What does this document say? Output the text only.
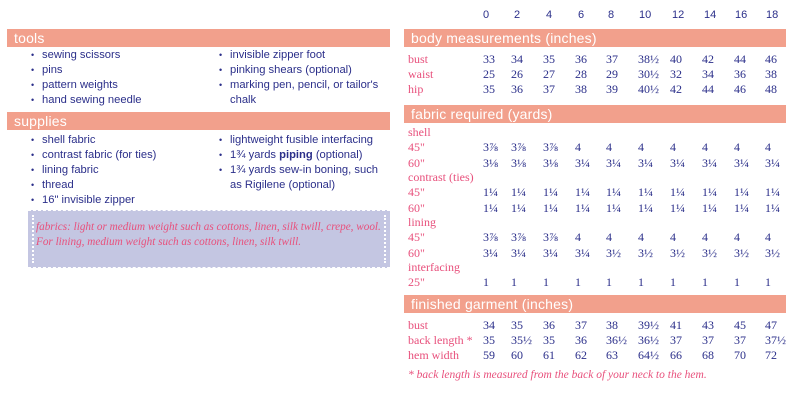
tools
• sewing scissors
• pins
• pattern weights
• hand sewing needle
• invisible zipper foot
• pinking shears (optional)
• marking pen, pencil, or tailor's chalk
supplies
• shell fabric
• contrast fabric (for ties)
• lining fabric
• thread
• 16" invisible zipper
• lightweight fusible interfacing
• 1¾ yards piping (optional)
• 1¾ yards sew-in boning, such as Rigilene (optional)
fabrics: light or medium weight such as cottons, linen, silk twill, crepe, wool. For lining, medium weight such as cottons, linen, silk twill.
0 2 4 6 8 10 12 14 16 18
body measurements (inches)
fabric required (yards)
finished garment (inches)
bust	33 34 35 36 37 38½ 40 42 44 46
waist	25 26 27 28 29 30½ 32 34 36 38
hip	35 36 37 38 39 40½ 42 44 46 48
shell
45"	3⅞ 3⅞ 3⅞ 4 4 4 4 4 4 4
60"	3⅛ 3⅛ 3⅛ 3¼ 3¼ 3¼ 3¼ 3¼ 3¼ 3¼
contrast (ties)
45"	1¼ 1¼ 1¼ 1¼ 1¼ 1¼ 1¼ 1¼ 1¼ 1¼
60"	1¼ 1¼ 1¼ 1¼ 1¼ 1¼ 1¼ 1¼ 1¼ 1¼
lining
45"	3⅞ 3⅞ 3⅞ 4 4 4 4 4 4 4
60"	3¼ 3¼ 3¼ 3¼ 3½ 3½ 3½ 3½ 3½ 3½
interfacing
25"	1 1 1 1 1 1 1 1 1 1
bust	34 35 36 37 38 39½ 41 43 45 47
back length * 35 35½ 35 36 36½ 36½ 37 37 37 37½
hem width 59 60 61 62 63 64½ 66 68 70 72
* back length is measured from the back of your neck to the hem.
